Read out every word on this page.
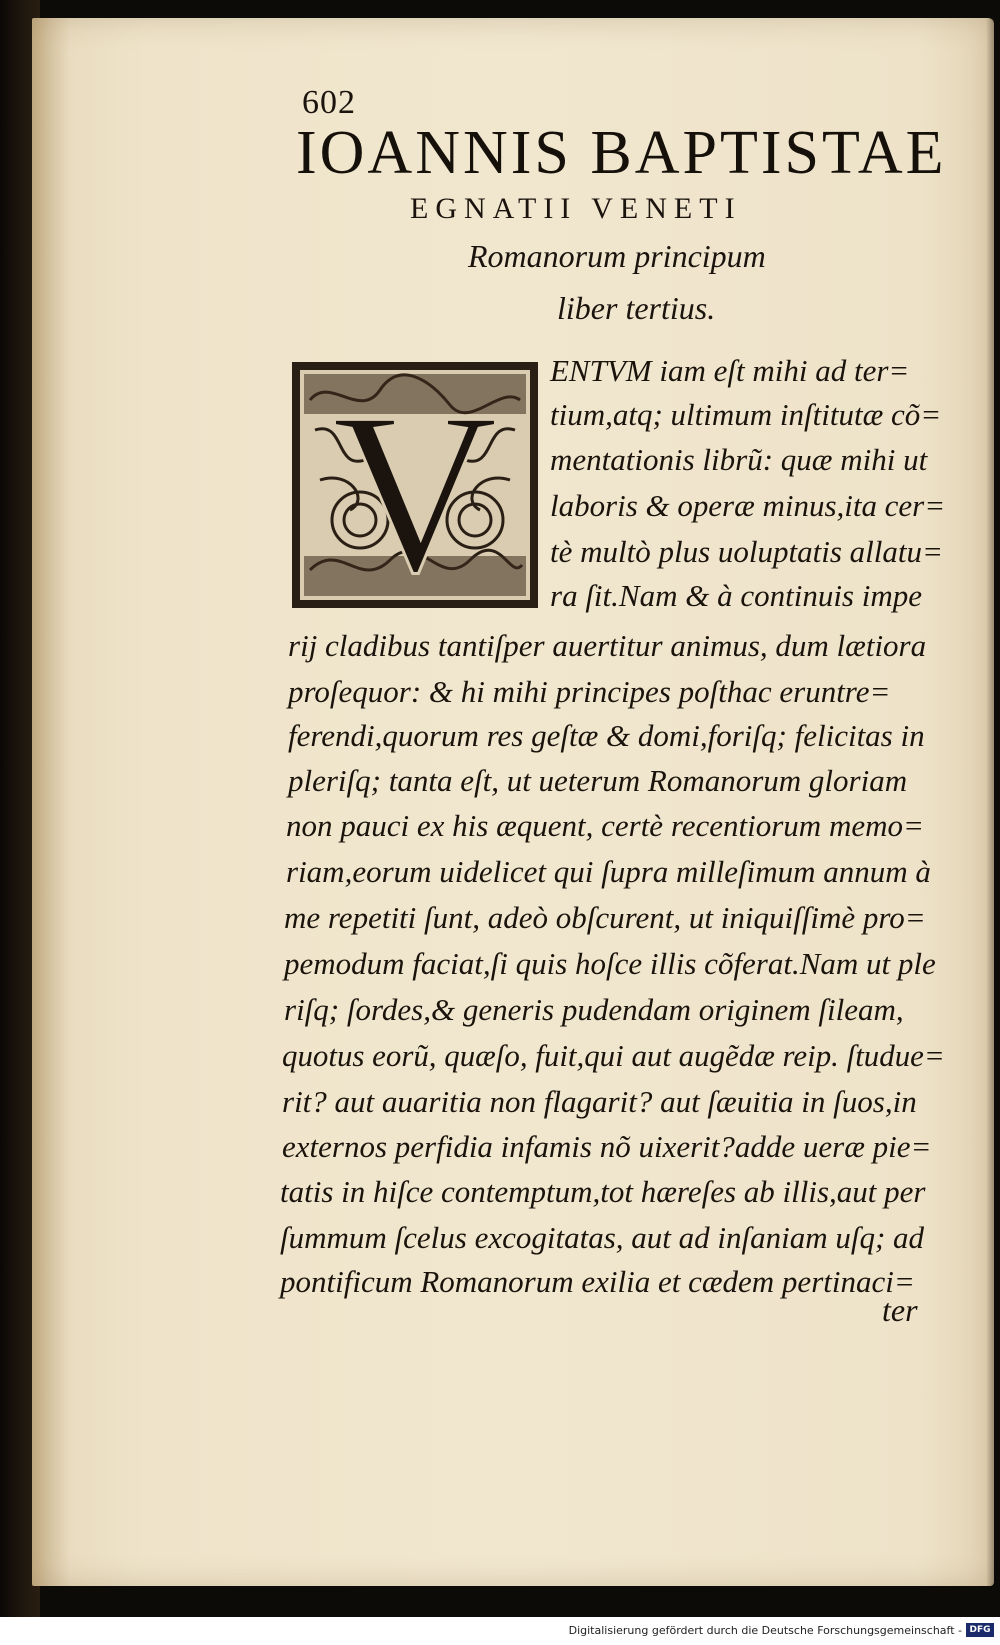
602
IOANNIS BAPTISTAE
EGNATII VENETI
Romanorum principum
liber tertius.
V ENTVM iam eſt mihi ad ter=
tium,atq; ultimum inſtitutæ cõ=
mentationis librũ: quæ mihi ut
laboris & operæ minus,ita cer=
tè multò plus uoluptatis allatu=
ra ſit.Nam & à continuis impe
rij cladibus tantiſper auertitur animus, dum lætiora
proſequor: & hi mihi principes poſthac eruntre=
ferendi,quorum res geſtæ & domi,foriſq; felicitas in
pleriſq; tanta eſt, ut ueterum Romanorum gloriam
non pauci ex his æquent, certè recentiorum memo=
riam,eorum uidelicet qui ſupra milleſimum annum à
me repetiti ſunt, adeò obſcurent, ut iniquiſſimè pro=
pemodum faciat,ſi quis hoſce illis cõferat.Nam ut ple
riſq; ſordes,& generis pudendam originem ſileam,
quotus eorũ, quæſo, fuit,qui aut augẽdæ reip. ſtudue=
rit? aut auaritia non flagarit? aut ſæuitia in ſuos,in
externos perfidia infamis nõ uixerit?adde ueræ pie=
tatis in hiſce contemptum,tot hæreſes ab illis,aut per
ſummum ſcelus excogitatas, aut ad inſaniam uſq; ad
pontificum Romanorum exilia et cædem pertinaci=
ter
Digitalisierung gefördert durch die Deutsche Forschungsgemeinschaft - DFG
